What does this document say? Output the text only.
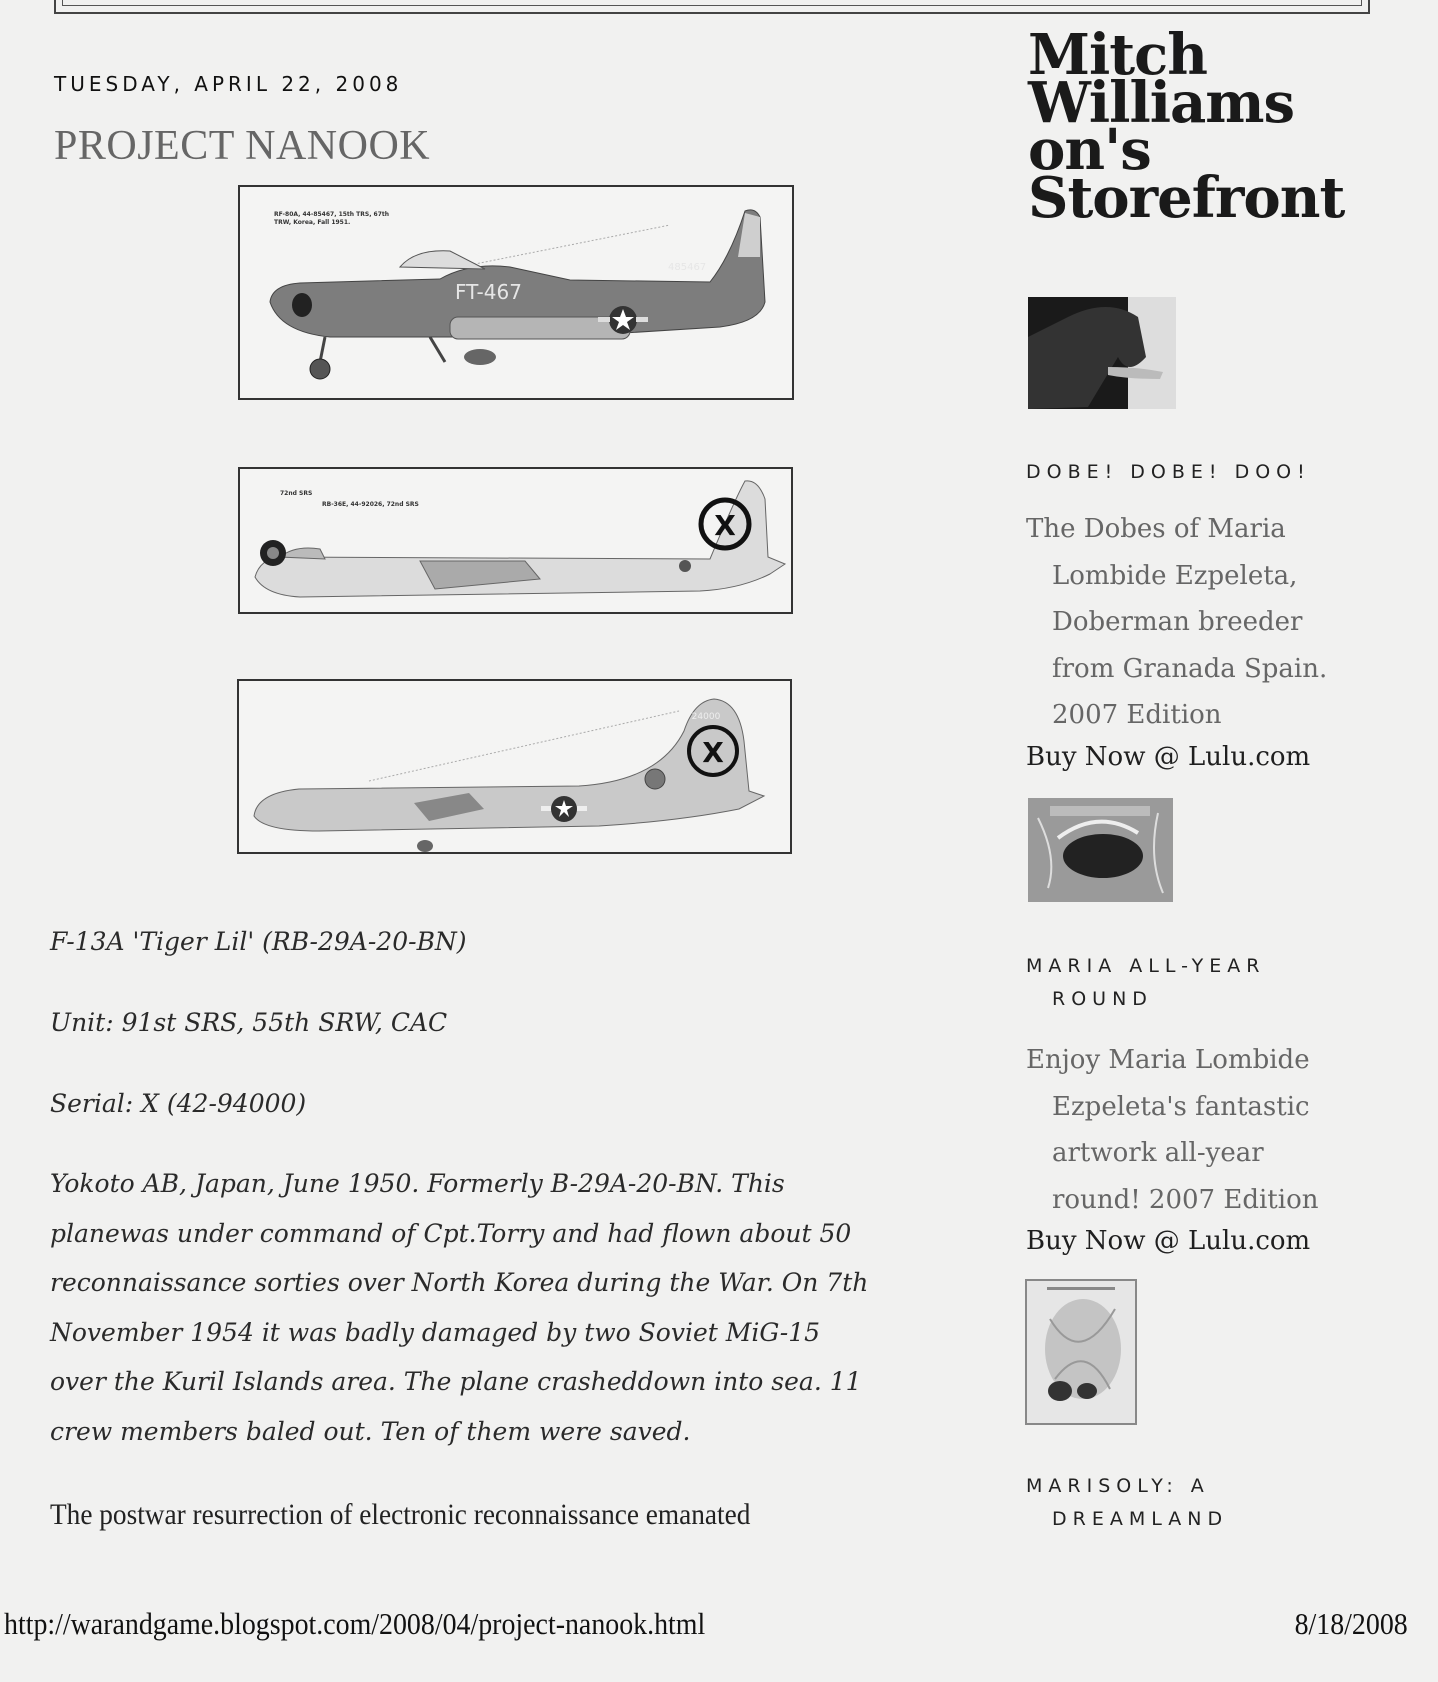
TUESDAY, APRIL 22, 2008
PROJECT NANOOK
FT-467
485467
RF-80A, 44-85467, 15th TRS, 67th
TRW, Korea, Fall 1951.
X
72nd SRS
RB-36E, 44-92026, 72nd SRS
X
24000
F-13A 'Tiger Lil' (RB-29A-20-BN)
Unit: 91st SRS, 55th SRW, CAC
Serial: X (42-94000)
Yokoto AB, Japan, June 1950. Formerly B-29A-20-BN. This
planewas under command of Cpt.Torry and had flown about 50
reconnaissance sorties over North Korea during the War. On 7th
November 1954 it was badly damaged by two Soviet MiG-15
over the Kuril Islands area. The plane crasheddown into sea. 11
crew members baled out. Ten of them were saved.
The postwar resurrection of electronic reconnaissance emanated
Mitch Williams on's Storefront
DOBE! DOBE! DOO!
The Dobes of Maria
Lombide Ezpeleta,
Doberman breeder
from Granada Spain.
2007 Edition
Buy Now @ Lulu.com
MARIA ALL-YEAR
ROUND
Enjoy Maria Lombide
Ezpeleta's fantastic
artwork all-year
round! 2007 Edition
Buy Now @ Lulu.com
MARISOLY: A
DREAMLAND
http://warandgame.blogspot.com/2008/04/project-nanook.html	8/18/2008
